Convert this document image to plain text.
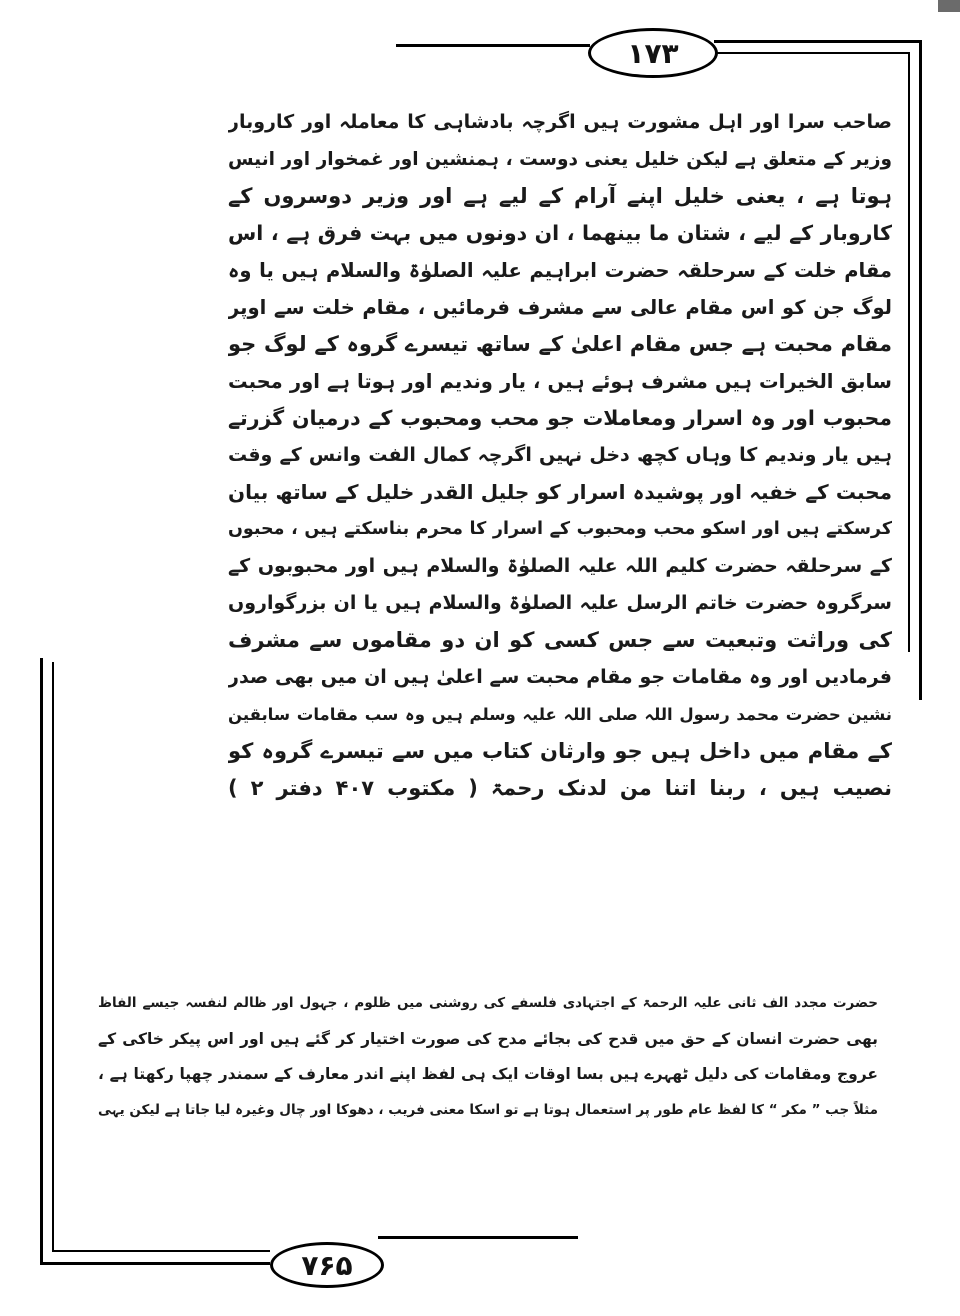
۱۷۳
۷۶۵
صاحب سرا اور اہل مشورت ہیں اگرچہ بادشاہی کا معاملہ اور کاروبار
وزیر کے متعلق ہے لیکن خلیل یعنی دوست ، ہمنشین اور غمخوار اور انیس
ہوتا ہے ، یعنی خلیل اپنے آرام کے لیے ہے اور وزیر دوسروں کے
کاروبار کے لیے ، شتان ما بینھما ، ان دونوں میں بہت فرق ہے ، اس
مقام خلت کے سرحلقہ حضرت ابراہیم علیہ الصلوٰۃ والسلام ہیں یا وہ
لوگ جن کو اس مقام عالی سے مشرف فرمائیں ، مقام خلت سے اوپر
مقام محبت ہے جس مقام اعلیٰ کے ساتھ تیسرے گروہ کے لوگ جو
سابق الخیرات ہیں مشرف ہوئے ہیں ، یار وندیم اور ہوتا ہے اور محبت
محبوب اور وہ اسرار ومعاملات جو محب ومحبوب کے درمیان گزرتے
ہیں یار وندیم کا وہاں کچھ دخل نہیں اگرچہ کمال الفت وانس کے وقت
محبت کے خفیہ اور پوشیدہ اسرار کو جلیل القدر خلیل کے ساتھ بیان
کرسکتے ہیں اور اسکو محب ومحبوب کے اسرار کا محرم بناسکتے ہیں ، محبوں
کے سرحلقہ حضرت کلیم اللہ علیہ الصلوٰۃ والسلام ہیں اور محبوبوں کے
سرگروہ حضرت خاتم الرسل علیہ الصلوٰۃ والسلام ہیں یا ان بزرگواروں
کی وراثت وتبعیت سے جس کسی کو ان دو مقاموں سے مشرف
فرمادیں اور وہ مقامات جو مقام محبت سے اعلیٰ ہیں ان میں بھی صدر
نشین حضرت محمد رسول اللہ صلی اللہ علیہ وسلم ہیں وہ سب مقامات سابقین
کے مقام میں داخل ہیں جو وارثان کتاب میں سے تیسرے گروہ کو
نصیب ہیں ، ربنا اتنا من لدنک رحمۃ ( مکتوب ۴۰۷ دفتر ۲ )
حضرت مجدد الف ثانی علیہ الرحمۃ کے اجتہادی فلسفے کی روشنی میں ظلوم ، جہول اور ظالم لنفسہ جیسے الفاظ
بھی حضرت انسان کے حق میں قدح کی بجائے مدح کی صورت اختیار کر گئے ہیں اور اس پیکر خاکی کے
عروج ومقامات کی دلیل ٹھہرے ہیں بسا اوقات ایک ہی لفظ اپنے اندر معارف کے سمندر چھپا رکھتا ہے ،
مثلاً جب ” مکر “ کا لفظ عام طور پر استعمال ہوتا ہے تو اسکا معنی فریب ، دھوکا اور چال وغیرہ لیا جاتا ہے لیکن یہی
